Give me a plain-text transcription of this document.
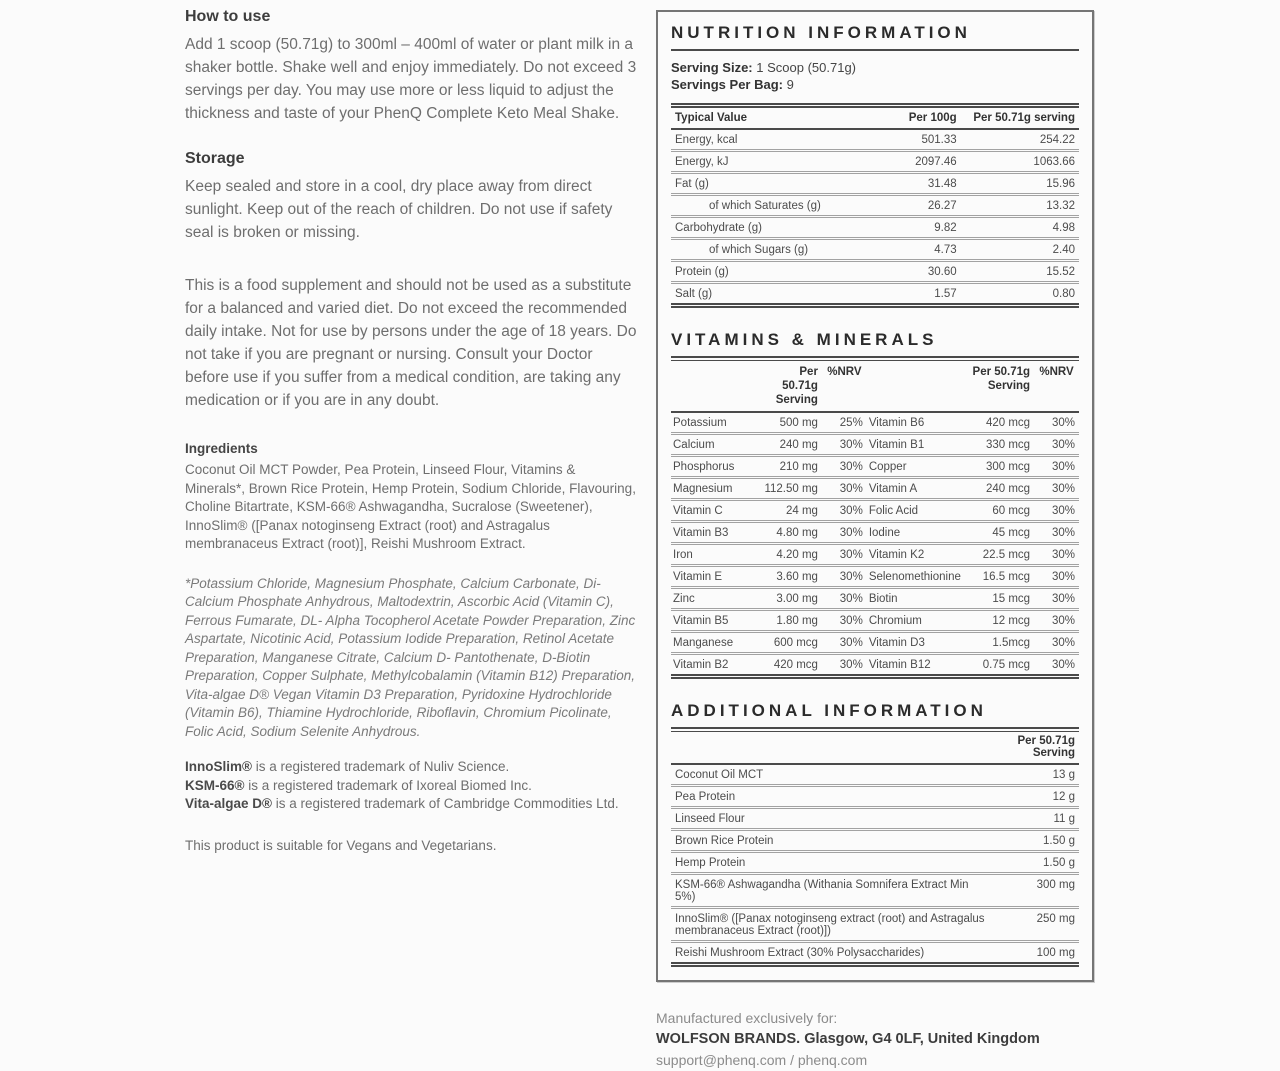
How to use
Add 1 scoop (50.71g) to 300ml – 400ml of water or plant milk in a shaker bottle. Shake well and enjoy immediately. Do not exceed 3 servings per day. You may use more or less liquid to adjust the thickness and taste of your PhenQ Complete Keto Meal Shake.
Storage
Keep sealed and store in a cool, dry place away from direct sunlight. Keep out of the reach of children. Do not use if safety seal is broken or missing.
This is a food supplement and should not be used as a substitute for a balanced and varied diet. Do not exceed the recommended daily intake. Not for use by persons under the age of 18 years. Do not take if you are pregnant or nursing. Consult your Doctor before use if you suffer from a medical condition, are taking any medication or if you are in any doubt.
Ingredients
Coconut Oil MCT Powder, Pea Protein, Linseed Flour, Vitamins & Minerals*, Brown Rice Protein, Hemp Protein, Sodium Chloride, Flavouring, Choline Bitartrate, KSM-66® Ashwagandha, Sucralose (Sweetener), InnoSlim® ([Panax notoginseng Extract (root) and Astragalus membranaceus Extract (root)], Reishi Mushroom Extract.
*Potassium Chloride, Magnesium Phosphate, Calcium Carbonate, Di-Calcium Phosphate Anhydrous, Maltodextrin, Ascorbic Acid (Vitamin C), Ferrous Fumarate, DL- Alpha Tocopherol Acetate Powder Preparation, Zinc Aspartate, Nicotinic Acid, Potassium Iodide Preparation, Retinol Acetate Preparation, Manganese Citrate, Calcium D- Pantothenate, D-Biotin Preparation, Copper Sulphate, Methylcobalamin (Vitamin B12) Preparation, Vita-algae D® Vegan Vitamin D3 Preparation, Pyridoxine Hydrochloride (Vitamin B6), Thiamine Hydrochloride, Riboflavin, Chromium Picolinate, Folic Acid, Sodium Selenite Anhydrous.
InnoSlim® is a registered trademark of Nuliv Science.
KSM-66® is a registered trademark of Ixoreal Biomed Inc.
Vita-algae D® is a registered trademark of Cambridge Commodities Ltd.
This product is suitable for Vegans and Vegetarians.
NUTRITION INFORMATION
Serving Size: 1 Scoop (50.71g)
Servings Per Bag: 9
Typical Value	Per 100g	Per 50.71g serving
Energy, kcal	501.33	254.22
Energy, kJ	2097.46	1063.66
Fat (g)	31.48	15.96
of which Saturates (g)	26.27	13.32
Carbohydrate (g)	9.82	4.98
of which Sugars (g)	4.73	2.40
Protein (g)	30.60	15.52
Salt (g)	1.57	0.80
VITAMINS & MINERALS
	Per 50.71g Serving	%NRV		Per 50.71g Serving	%NRV
Potassium	500 mg	25%	Vitamin B6	420 mcg	30%
Calcium	240 mg	30%	Vitamin B1	330 mcg	30%
Phosphorus	210 mg	30%	Copper	300 mcg	30%
Magnesium	112.50 mg	30%	Vitamin A	240 mcg	30%
Vitamin C	24 mg	30%	Folic Acid	60 mcg	30%
Vitamin B3	4.80 mg	30%	Iodine	45 mcg	30%
Iron	4.20 mg	30%	Vitamin K2	22.5 mcg	30%
Vitamin E	3.60 mg	30%	Selenomethionine	16.5 mcg	30%
Zinc	3.00 mg	30%	Biotin	15 mcg	30%
Vitamin B5	1.80 mg	30%	Chromium	12 mcg	30%
Manganese	600 mcg	30%	Vitamin D3	1.5mcg	30%
Vitamin B2	420 mcg	30%	Vitamin B12	0.75 mcg	30%
ADDITIONAL INFORMATION
	Per 50.71g Serving
Coconut Oil MCT	13 g
Pea Protein	12 g
Linseed Flour	11 g
Brown Rice Protein	1.50 g
Hemp Protein	1.50 g
KSM-66® Ashwagandha (Withania Somnifera Extract Min 5%)	300 mg
InnoSlim® ([Panax notoginseng extract (root) and Astragalus membranaceus Extract (root)])	250 mg
Reishi Mushroom Extract (30% Polysaccharides)	100 mg
Manufactured exclusively for:
WOLFSON BRANDS. Glasgow, G4 0LF, United Kingdom
support@phenq.com / phenq.com
